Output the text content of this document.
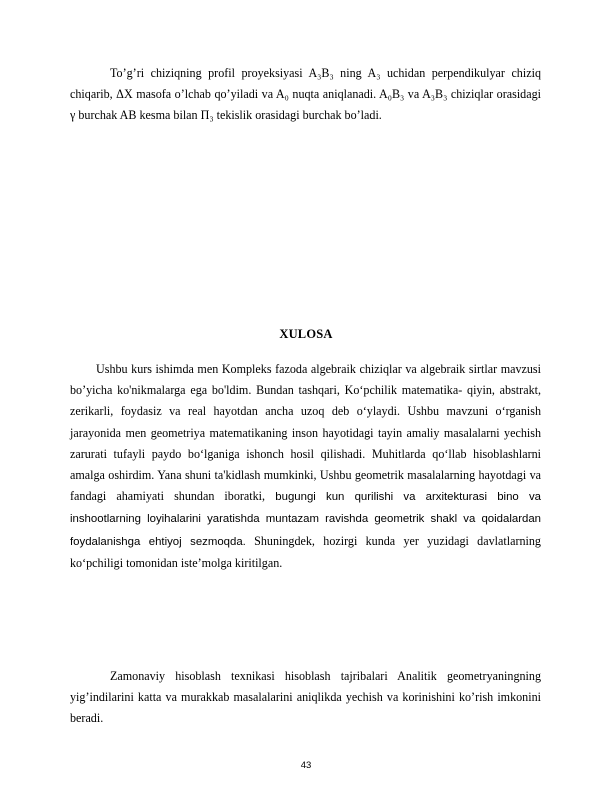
To’g’ri chiziqning profil proyeksiyasi A₃B₃ ning A₃ uchidan perpendikulyar chiziq chiqarib, ΔX masofa o’lchab qo’yiladi va A₀ nuqta aniqlanadi. A₀B₃ va A₃B₃ chiziqlar orasidagi γ burchak AB kesma bilan Π₃ tekislik orasidagi burchak bo’ladi.
XULOSA
Ushbu kurs ishimda men Kompleks fazoda algebraik chiziqlar va algebraik sirtlar mavzusi bo’yicha ko'nikmalarga ega bo'ldim. Bundan tashqari, Ko‘pchilik matematika- qiyin, abstrakt, zerikarli, foydasiz va real hayotdan ancha uzoq deb o‘ylaydi. Ushbu mavzuni o‘rganish jarayonida men geometriya matematikaning inson hayotidagi tayin amaliy masalalarni yechish zarurati tufayli paydo bo‘lganiga ishonch hosil qilishadi. Muhitlarda qo‘llab hisoblashlarni amalga oshirdim. Yana shuni ta'kidlash mumkinki, Ushbu geometrik masalalarning hayotdagi va fandagi ahamiyati shundan iboratki, bugungi kun qurilishi va arxitekturasi bino va inshootlarning loyihalarini yaratishda muntazam ravishda geometrik shakl va qoidalardan foydalanishga ehtiyoj sezmoqda. Shuningdek, hozirgi kunda yer yuzidagi davlatlarning ko‘pchiligi tomonidan iste’molga kiritilgan.
Zamonaviy hisoblash texnikasi hisoblash tajribalari Analitik geometryaningning yig’indilarini katta va murakkab masalalarini aniqlikda yechish va korinishini ko’rish imkonini beradi.
43
